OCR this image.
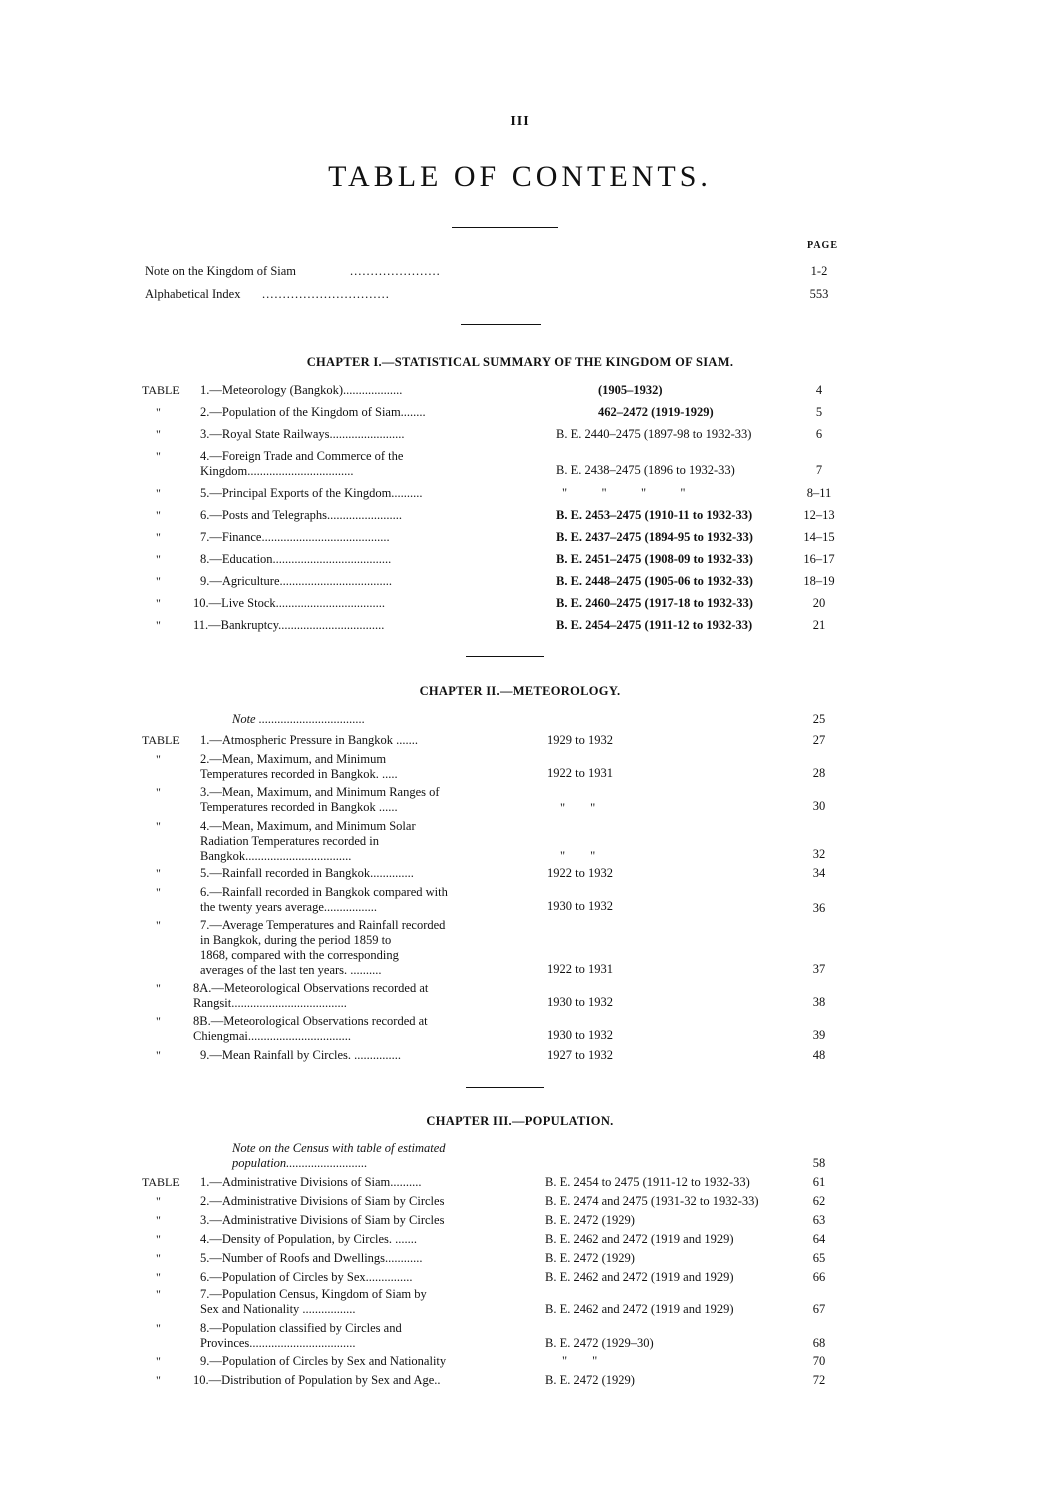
III
TABLE OF CONTENTS.
PAGE
Note on the Kingdom of Siam	......................	1-2
Alphabetical Index ...............................	553
CHAPTER I.—STATISTICAL SUMMARY OF THE KINGDOM OF SIAM.
TABLE	1.—Meteorology (Bangkok)...................	(1905–1932)	4
"	2.—Population of the Kingdom of Siam........	462–2472 (1919-1929)	5
"	3.—Royal State Railways........................	B. E. 2440–2475 (1897-98 to 1932-33)	6
"	4.—Foreign Trade and Commerce of the
Kingdom..................................	B. E. 2438–2475 (1896 to 1932-33)	7
"	5.—Principal Exports of the Kingdom..........	"           "           "           "	8–11
"	6.—Posts and Telegraphs........................	B. E. 2453–2475 (1910-11 to 1932-33)	12–13
"	7.—Finance.........................................	B. E. 2437–2475 (1894-95 to 1932-33)	14–15
"	8.—Education......................................	B. E. 2451–2475 (1908-09 to 1932-33)	16–17
"	9.—Agriculture....................................	B. E. 2448–2475 (1905-06 to 1932-33)	18–19
"	10.—Live Stock...................................	B. E. 2460–2475 (1917-18 to 1932-33)	20
"	11.—Bankruptcy..................................	B. E. 2454–2475 (1911-12 to 1932-33)	21
CHAPTER II.—METEOROLOGY.
Note ..................................	25
TABLE	1.—Atmospheric Pressure in Bangkok .......	1929 to 1932	27
"	2.—Mean, Maximum, and Minimum
Temperatures recorded in Bangkok. .....	1922 to 1931	28
"	3.—Mean, Maximum, and Minimum Ranges of
Temperatures recorded in Bangkok ......	"        "	30
"	4.—Mean, Maximum, and Minimum Solar
Radiation Temperatures recorded in
Bangkok..................................	"        "	32
"	5.—Rainfall recorded in Bangkok..............	1922 to 1932	34
"	6.—Rainfall recorded in Bangkok compared with
the twenty years average.................	1930 to 1932	36
"	7.—Average Temperatures and Rainfall recorded
in Bangkok, during the period 1859 to
1868, compared with the corresponding
averages of the last ten years. ..........	1922 to 1931	37
"	8A.—Meteorological Observations recorded at
Rangsit.....................................	1930 to 1932	38
"	8B.—Meteorological Observations recorded at
Chiengmai.................................	1930 to 1932	39
"	9.—Mean Rainfall by Circles. ...............	1927 to 1932	48
CHAPTER III.—POPULATION.
Note on the Census with table of estimated
population..........................	58
TABLE	1.—Administrative Divisions of Siam..........	B. E. 2454 to 2475 (1911-12 to 1932-33)	61
"	2.—Administrative Divisions of Siam by Circles	B. E. 2474 and 2475 (1931-32 to 1932-33)	62
"	3.—Administrative Divisions of Siam by Circles	B. E. 2472 (1929)	63
"	4.—Density of Population, by Circles. .......	B. E. 2462 and 2472 (1919 and 1929)	64
"	5.—Number of Roofs and Dwellings............	B. E. 2472 (1929)	65
"	6.—Population of Circles by Sex...............	B. E. 2462 and 2472 (1919 and 1929)	66
"	7.—Population Census, Kingdom of Siam by
Sex and Nationality .................	B. E. 2462 and 2472 (1919 and 1929)	67
"	8.—Population classified by Circles and
Provinces..................................	B. E. 2472 (1929–30)	68
"	9.—Population of Circles by Sex and Nationality	"        "	70
"	10.—Distribution of Population by Sex and Age..	B. E. 2472 (1929)	72
